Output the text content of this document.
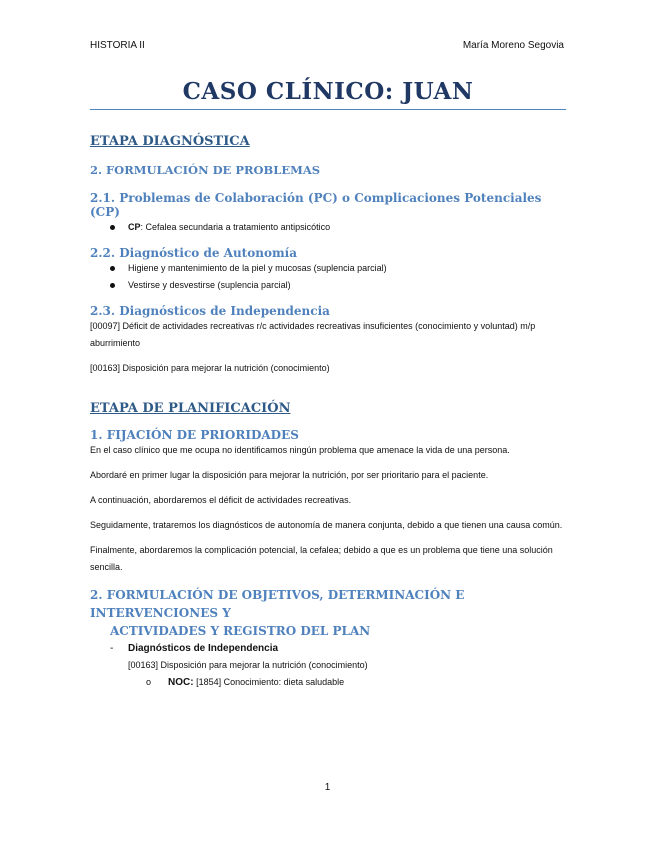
HISTORIA II	María Moreno Segovia
CASO CLÍNICO: JUAN

ETAPA DIAGNÓSTICA

2. FORMULACIÓN DE PROBLEMAS

2.1. Problemas de Colaboración (PC) o Complicaciones Potenciales (CP)

CP: Cefalea secundaria a tratamiento antipsicótico

2.2. Diagnóstico de Autonomía

Higiene y mantenimiento de la piel y mucosas (suplencia parcial)
Vestirse y desvestirse (suplencia parcial)

2.3. Diagnósticos de Independencia

[00097] Déficit de actividades recreativas r/c actividades recreativas insuficientes (conocimiento y voluntad) m/p aburrimiento

[00163] Disposición para mejorar la nutrición (conocimiento)

ETAPA DE PLANIFICACIÓN

1. FIJACIÓN DE PRIORIDADES

En el caso clínico que me ocupa no identificamos ningún problema que amenace la vida de una persona.

Abordaré en primer lugar la disposición para mejorar la nutrición, por ser prioritario para el paciente.

A continuación, abordaremos el déficit de actividades recreativas.

Seguidamente, trataremos los diagnósticos de autonomía de manera conjunta, debido a que tienen una causa común.

Finalmente, abordaremos la complicación potencial, la cefalea; debido a que es un problema que tiene una solución sencilla.

2. FORMULACIÓN DE OBJETIVOS, DETERMINACIÓN E INTERVENCIONES Y
ACTIVIDADES Y REGISTRO DEL PLAN

- Diagnósticos de Independencia
[00163] Disposición para mejorar la nutrición (conocimiento)
o NOC: [1854] Conocimiento: dieta saludable
1
